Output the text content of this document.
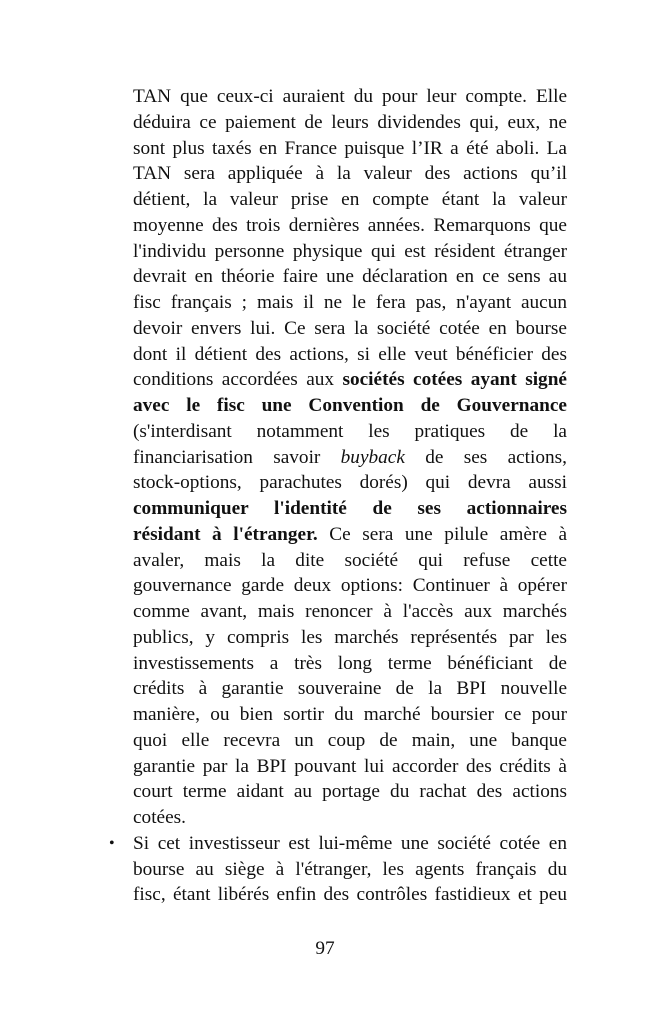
TAN que ceux-ci auraient du pour leur compte. Elle
déduira ce paiement de leurs dividendes qui, eux, ne
sont plus taxés en France puisque l’IR a été aboli. La
TAN sera appliquée à la valeur des actions qu’il
détient, la valeur prise en compte étant la valeur
moyenne des trois dernières années. Remarquons que
l'individu personne physique qui est résident étranger
devrait en théorie faire une déclaration en ce sens au
fisc français ; mais il ne le fera pas, n'ayant aucun
devoir envers lui. Ce sera la société cotée en bourse
dont il détient des actions, si elle veut bénéficier des
conditions accordées aux sociétés cotées ayant signé
avec le fisc une Convention de Gouvernance
(s'interdisant notamment les pratiques de la
financiarisation savoir buyback de ses actions,
stock-options, parachutes dorés) qui devra aussi
communiquer l'identité de ses actionnaires
résidant à l'étranger. Ce sera une pilule amère à
avaler, mais la dite société qui refuse cette
gouvernance garde deux options: Continuer à opérer
comme avant, mais renoncer à l'accès aux marchés
publics, y compris les marchés représentés par les
investissements a très long terme bénéficiant de
crédits à garantie souveraine de la BPI nouvelle
manière, ou bien sortir du marché boursier ce pour
quoi elle recevra un coup de main, une banque
garantie par la BPI pouvant lui accorder des crédits à
court terme aidant au portage du rachat des actions
cotées.
• Si cet investisseur est lui-même une société cotée en
bourse au siège à l'étranger, les agents français du
fisc, étant libérés enfin des contrôles fastidieux et peu
97
